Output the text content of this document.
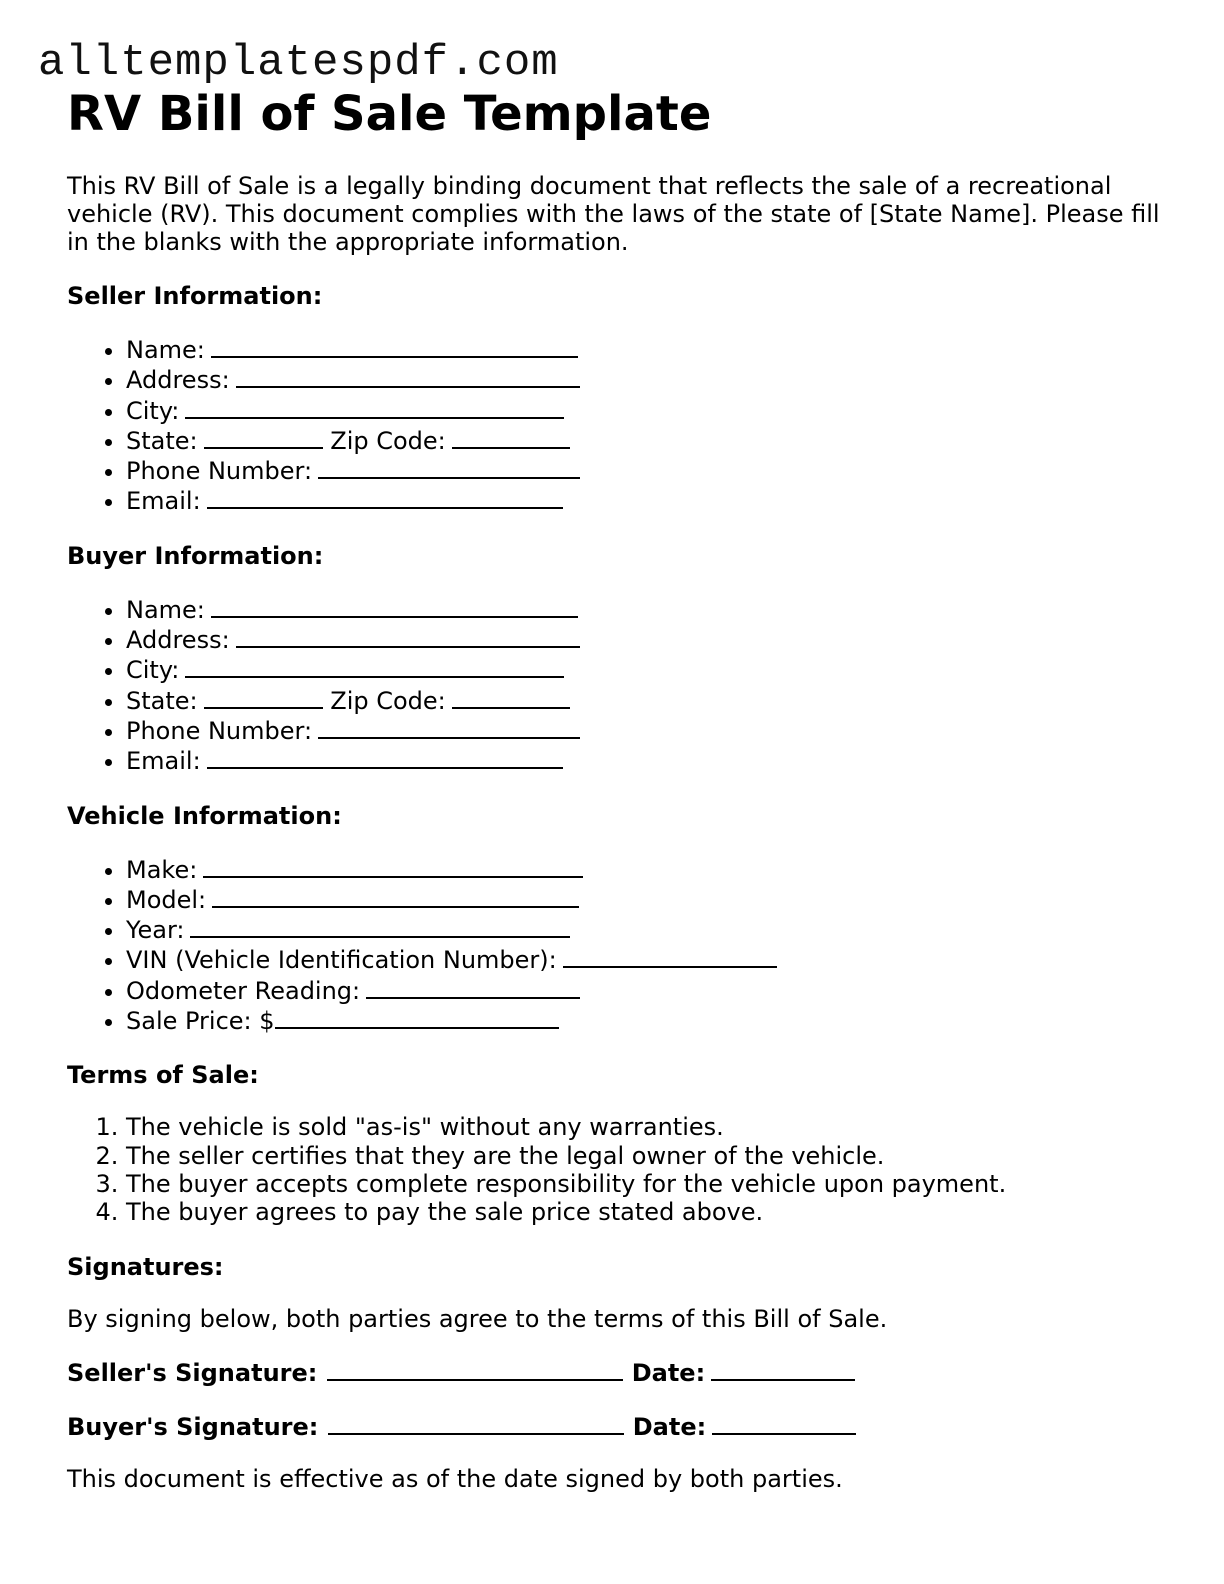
alltemplatespdf.com
RV Bill of Sale Template

This RV Bill of Sale is a legally binding document that reflects the sale of a recreational vehicle (RV). This document complies with the laws of the state of [State Name]. Please fill in the blanks with the appropriate information.

Seller Information:
• Name:
• Address:
• City:
• State:	Zip Code:
• Phone Number:
• Email:
Buyer Information:
• Name:
• Address:
• City:
• State:	Zip Code:
• Phone Number:
• Email:
Vehicle Information:
• Make:
• Model:
• Year:
• VIN (Vehicle Identification Number):
• Odometer Reading:
• Sale Price: $
Terms of Sale:
1. The vehicle is sold "as-is" without any warranties.
2. The seller certifies that they are the legal owner of the vehicle.
3. The buyer accepts complete responsibility for the vehicle upon payment.
4. The buyer agrees to pay the sale price stated above.
Signatures:

By signing below, both parties agree to the terms of this Bill of Sale.

Seller's Signature:	Date:
Buyer's Signature:	Date:

This document is effective as of the date signed by both parties.
